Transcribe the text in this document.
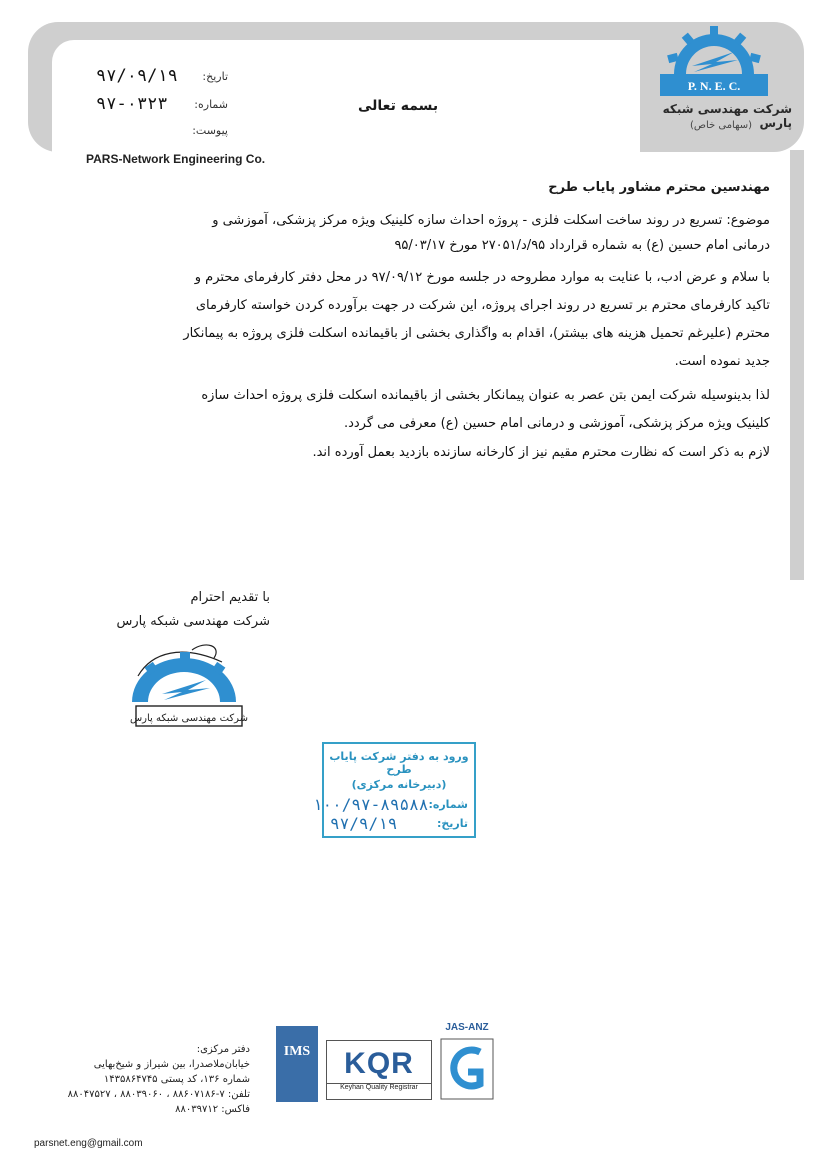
PARS-Network Engineering Co.
P. N. E. C.
شرکت مهندسی شبکه پارس
(سهامی خاص)
بسمه تعالی
تاریخ:
۹۷/۰۹/۱۹
شماره:
۹۷-۰۳۲۳
پیوست:
مهندسین محترم مشاور پایاب طرح
موضوع: تسریع در روند ساخت اسکلت فلزی - پروژه احداث سازه کلینیک ویژه مرکز پزشکی، آموزشی و
درمانی امام حسین (ع) به شماره قرارداد ۹۵/د/۲۷۰۵۱ مورخ ۹۵/۰۳/۱۷
با سلام و عرض ادب، با عنایت به موارد مطروحه در جلسه مورخ ۹۷/۰۹/۱۲ در محل دفتر کارفرمای محترم و
تاکید کارفرمای محترم بر تسریع در روند اجرای پروژه، این شرکت در جهت برآورده کردن خواسته کارفرمای
محترم (علیرغم تحمیل هزینه های بیشتر)، اقدام به واگذاری بخشی از باقیمانده اسکلت فلزی پروژه به پیمانکار
جدید نموده است.
لذا بدینوسیله شرکت ایمن بتن عصر به عنوان پیمانکار بخشی از باقیمانده اسکلت فلزی پروژه احداث سازه
کلینیک ویژه مرکز پزشکی، آموزشی و درمانی امام حسین (ع) معرفی می گردد.
لازم به ذکر است که نظارت محترم مقیم نیز از کارخانه سازنده بازدید بعمل آورده اند.
با تقدیم احترام
شرکت مهندسی شبکه پارس
شرکت مهندسی شبکه پارس
ورود به دفتر شرکت پایاب طرح
(دبیرخانه مرکزی)
شماره:
۱۰۰/۹۷-۸۹۵۸۸
تاریخ:
۹۷/۹/۱۹
دفتر مرکزی:
خیابان‌ملاصدرا، بین شیراز و شیخ‌بهایی
شماره ۱۳۶، کد پستی ۱۴۳۵۸۶۴۷۴۵
تلفن: ۷-۸۸۶۰۷۱۸۶ ، ۸۸۰۳۹۰۶۰ ، ۸۸۰۴۷۵۲۷
فاکس: ۸۸۰۳۹۷۱۲
parsnet.eng@gmail.com
IMS	KQR
Keyhan Quality Registrar
JAS-ANZ
